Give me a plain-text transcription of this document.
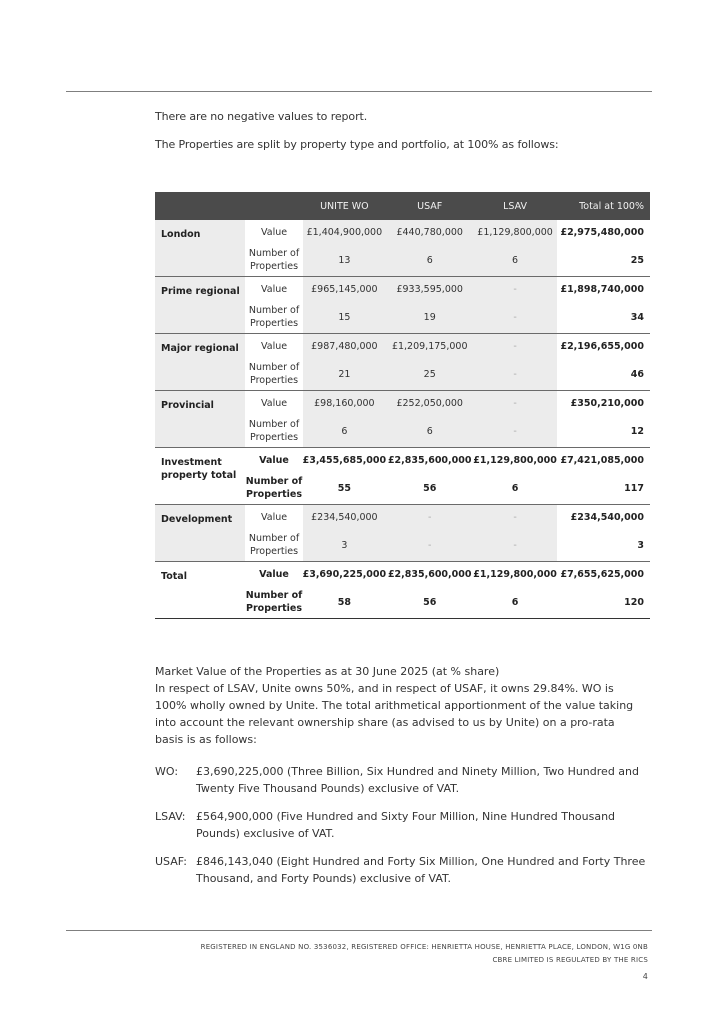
There are no negative values to report.
The Properties are split by property type and portfolio, at 100% as follows:
		UNITE WO	USAF	LSAV	Total at 100%
London	Value	£1,404,900,000	£440,780,000	£1,129,800,000	£2,975,480,000
	Number of Properties	13	6	6	25
Prime regional	Value	£965,145,000	£933,595,000	-	£1,898,740,000
	Number of Properties	15	19	-	34
Major regional	Value	£987,480,000	£1,209,175,000	-	£2,196,655,000
	Number of Properties	21	25	-	46
Provincial	Value	£98,160,000	£252,050,000	-	£350,210,000
	Number of Properties	6	6	-	12
Investment property total	Value	£3,455,685,000	£2,835,600,000	£1,129,800,000	£7,421,085,000
	Number of Properties	55	56	6	117
Development	Value	£234,540,000	-	-	£234,540,000
	Number of Properties	3	-	-	3
Total	Value	£3,690,225,000	£2,835,600,000	£1,129,800,000	£7,655,625,000
	Number of Properties	58	56	6	120
Market Value of the Properties as at 30 June 2025 (at % share)
In respect of LSAV, Unite owns 50%, and in respect of USAF, it owns 29.84%. WO is 100% wholly owned by Unite. The total arithmetical apportionment of the value taking into account the relevant ownership share (as advised to us by Unite) on a pro-rata basis is as follows:
WO: £3,690,225,000 (Three Billion, Six Hundred and Ninety Million, Two Hundred and Twenty Five Thousand Pounds) exclusive of VAT.
LSAV: £564,900,000 (Five Hundred and Sixty Four Million, Nine Hundred Thousand Pounds) exclusive of VAT.
USAF: £846,143,040 (Eight Hundred and Forty Six Million, One Hundred and Forty Three Thousand, and Forty Pounds) exclusive of VAT.
REGISTERED IN ENGLAND NO. 3536032, REGISTERED OFFICE: HENRIETTA HOUSE, HENRIETTA PLACE, LONDON, W1G 0NB
CBRE LIMITED IS REGULATED BY THE RICS
4
